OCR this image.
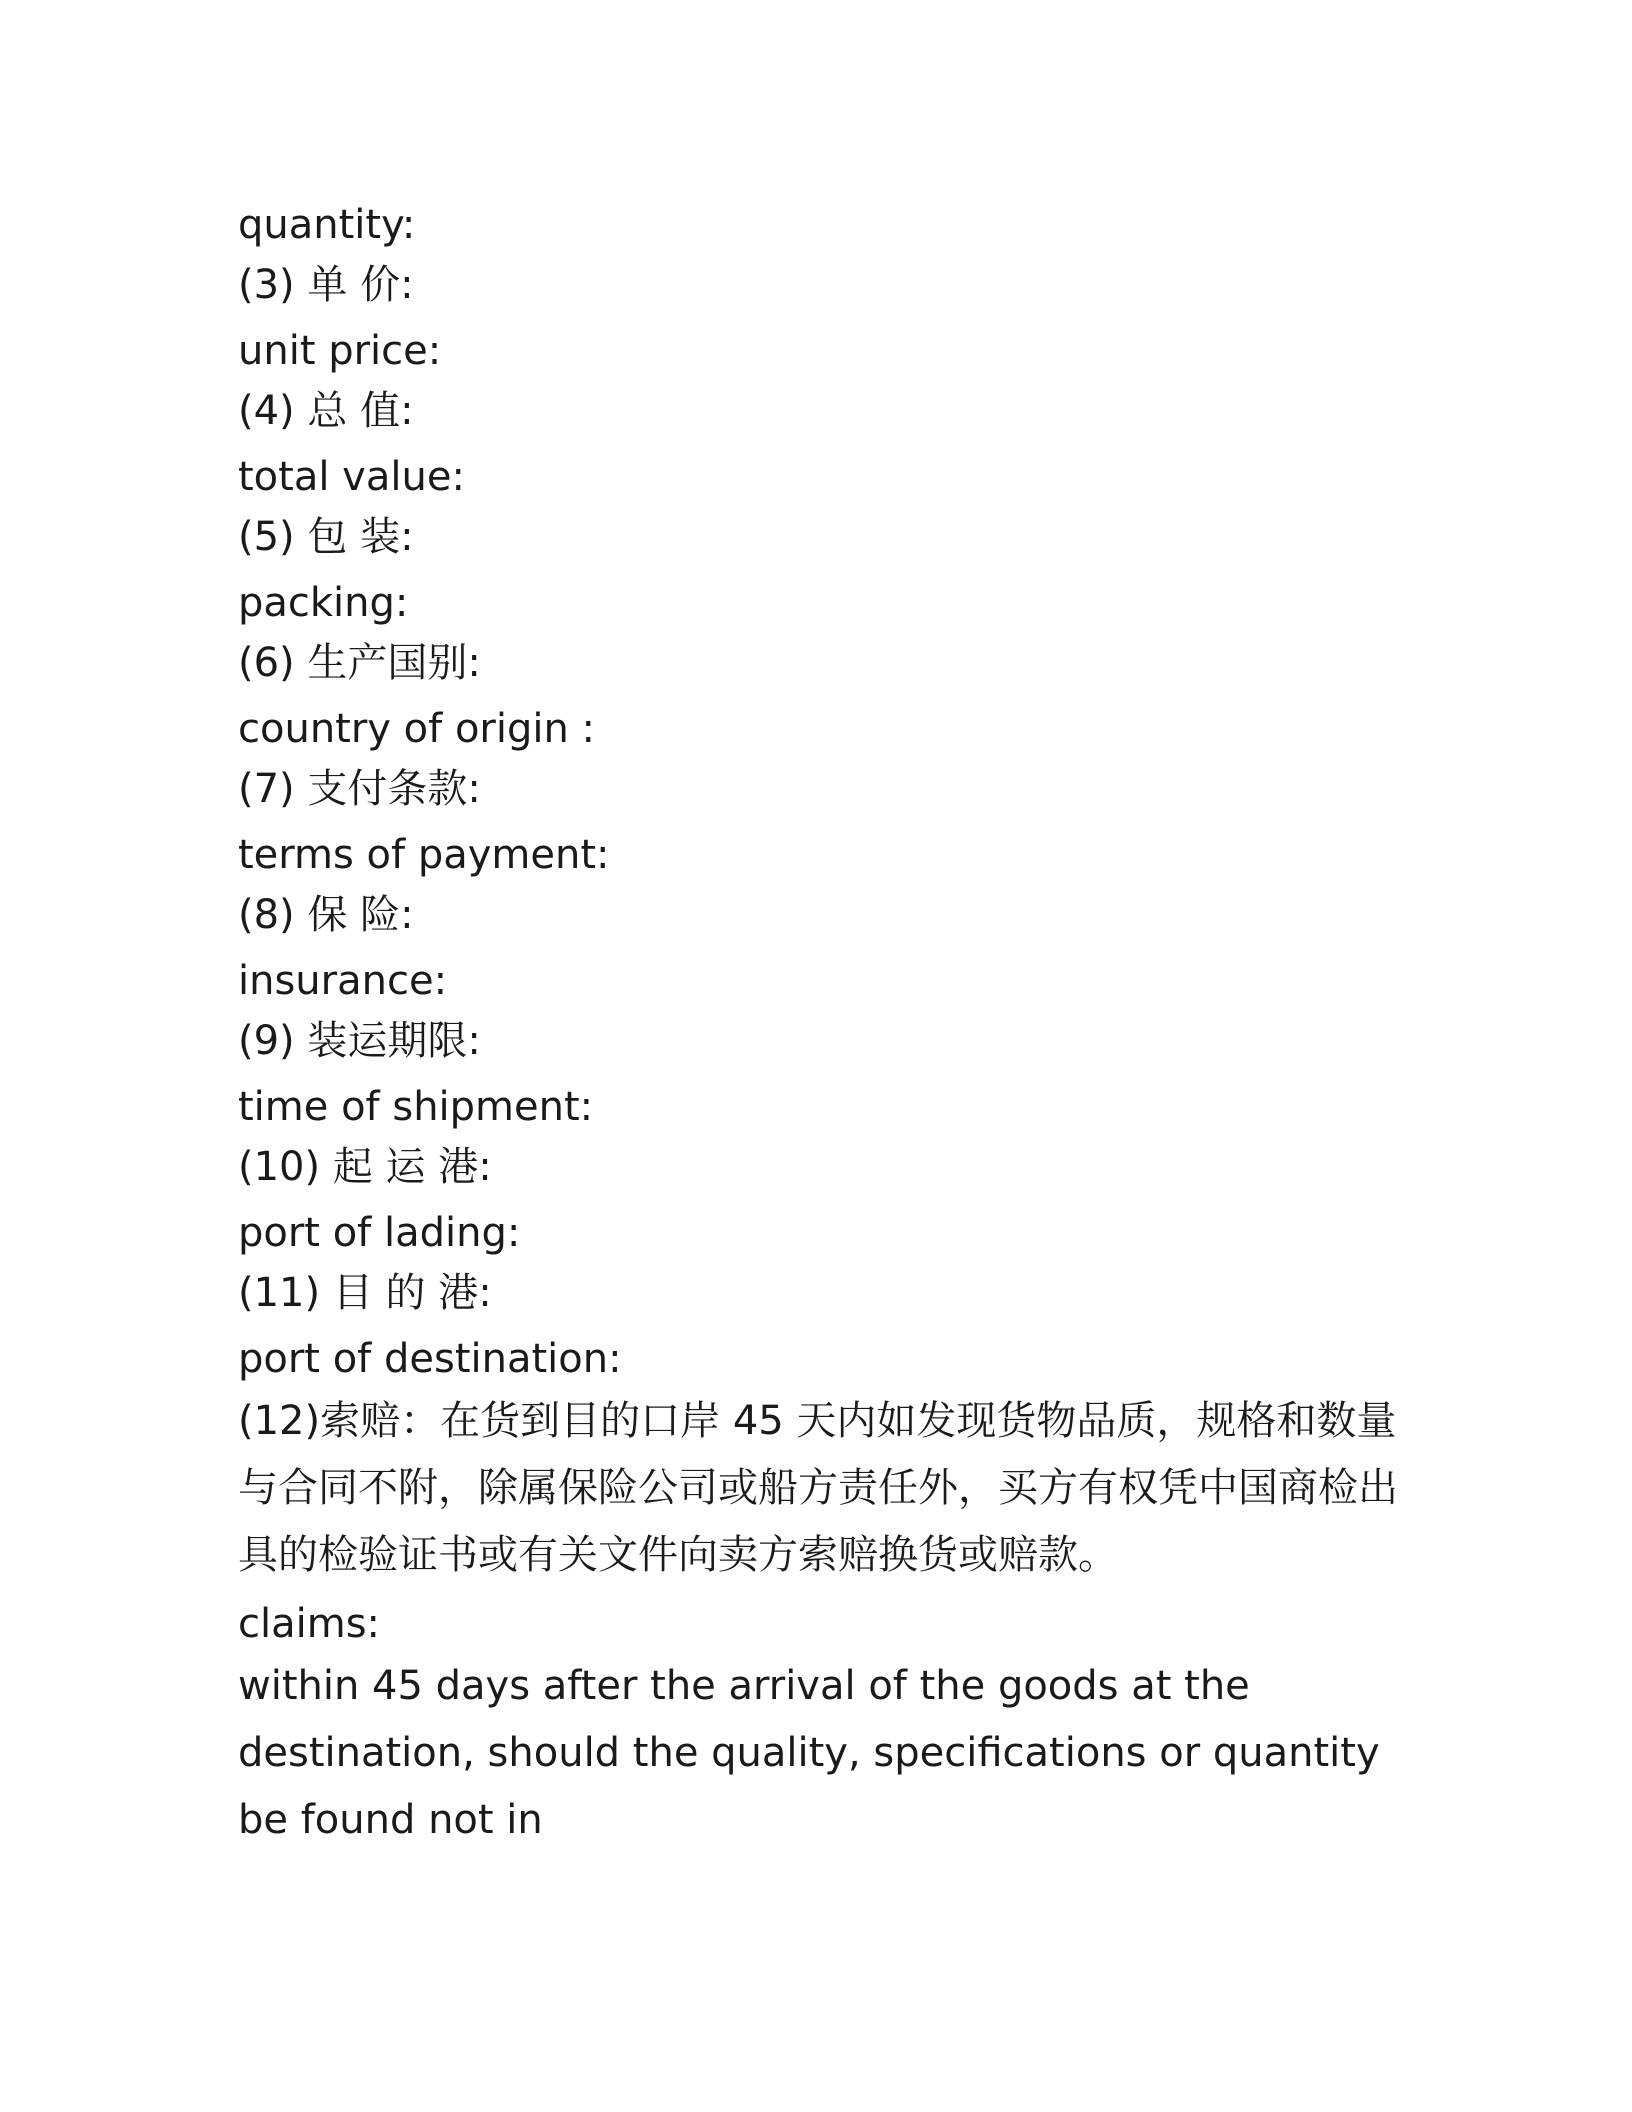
quantity:
(3) 单 价:
unit price:
(4) 总 值:
total value:
(5) 包 装:
packing:
(6) 生产国别:
country of origin :
(7) 支付条款:
terms of payment:
(8) 保 险:
insurance:
(9) 装运期限:
time of shipment:
(10) 起 运 港:
port of lading:
(11) 目 的 港:
port of destination:
(12)索赔：在货到目的口岸 45 天内如发现货物品质，规格和数量与合同不附，除属保险公司或船方责任外，买方有权凭中国商检出具的检验证书或有关文件向卖方索赔换货或赔款。
claims:
within 45 days after the arrival of the goods at the destination, should the quality, specifications or quantity be found not in
